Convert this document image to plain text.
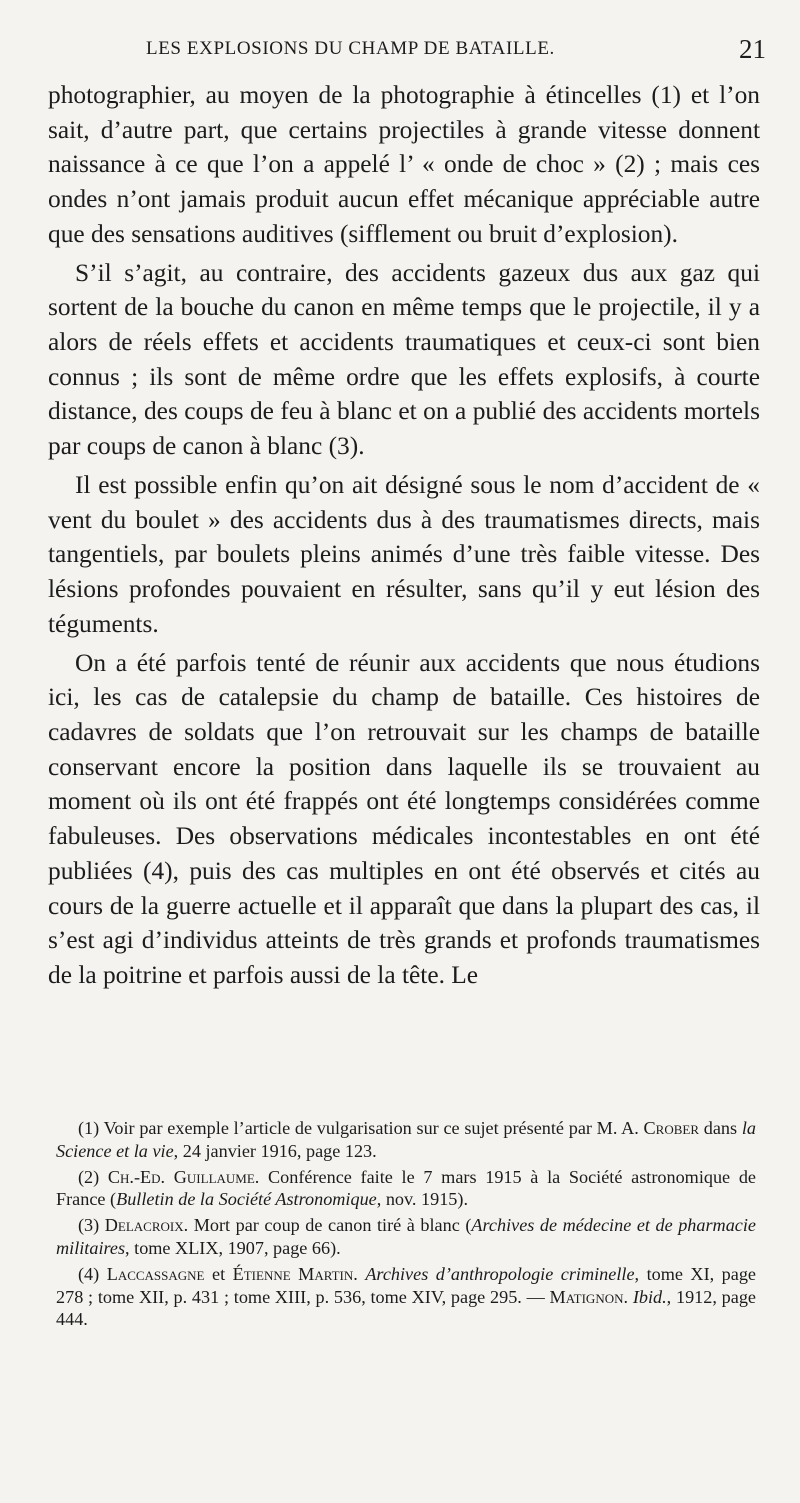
LES EXPLOSIONS DU CHAMP DE BATAILLE.	21

photographier, au moyen de la photographie à étincelles (1) et l’on sait, d’autre part, que certains projectiles à grande vitesse donnent naissance à ce que l’on a appelé l’ « onde de choc » (2) ; mais ces ondes n’ont jamais produit aucun effet mécanique appréciable autre que des sensations auditives (sifflement ou bruit d’explosion).

S’il s’agit, au contraire, des accidents gazeux dus aux gaz qui sortent de la bouche du canon en même temps que le projectile, il y a alors de réels effets et accidents traumatiques et ceux-ci sont bien connus ; ils sont de même ordre que les effets explosifs, à courte distance, des coups de feu à blanc et on a publié des accidents mortels par coups de canon à blanc (3).

Il est possible enfin qu’on ait désigné sous le nom d’accident de « vent du boulet » des accidents dus à des traumatismes directs, mais tangentiels, par boulets pleins animés d’une très faible vitesse. Des lésions profondes pouvaient en résulter, sans qu’il y eut lésion des téguments.

On a été parfois tenté de réunir aux accidents que nous étudions ici, les cas de catalepsie du champ de bataille. Ces histoires de cadavres de soldats que l’on retrouvait sur les champs de bataille conservant encore la position dans laquelle ils se trouvaient au moment où ils ont été frappés ont été longtemps considérées comme fabuleuses. Des observations médicales incontestables en ont été publiées (4), puis des cas multiples en ont été observés et cités au cours de la guerre actuelle et il apparaît que dans la plupart des cas, il s’est agi d’individus atteints de très grands et profonds traumatismes de la poitrine et parfois aussi de la tête. Le

(1) Voir par exemple l’article de vulgarisation sur ce sujet présenté par M. A. Crober dans la Science et la vie, 24 janvier 1916, page 123.

(2) Ch.-Ed. Guillaume. Conférence faite le 7 mars 1915 à la Société astronomique de France (Bulletin de la Société Astronomique, nov. 1915).

(3) Delacroix. Mort par coup de canon tiré à blanc (Archives de médecine et de pharmacie militaires, tome XLIX, 1907, page 66).

(4) Laccassagne et Étienne Martin. Archives d’anthropologie criminelle, tome XI, page 278 ; tome XII, p. 431 ; tome XIII, p. 536, tome XIV, page 295. — Matignon. Ibid., 1912, page 444.
